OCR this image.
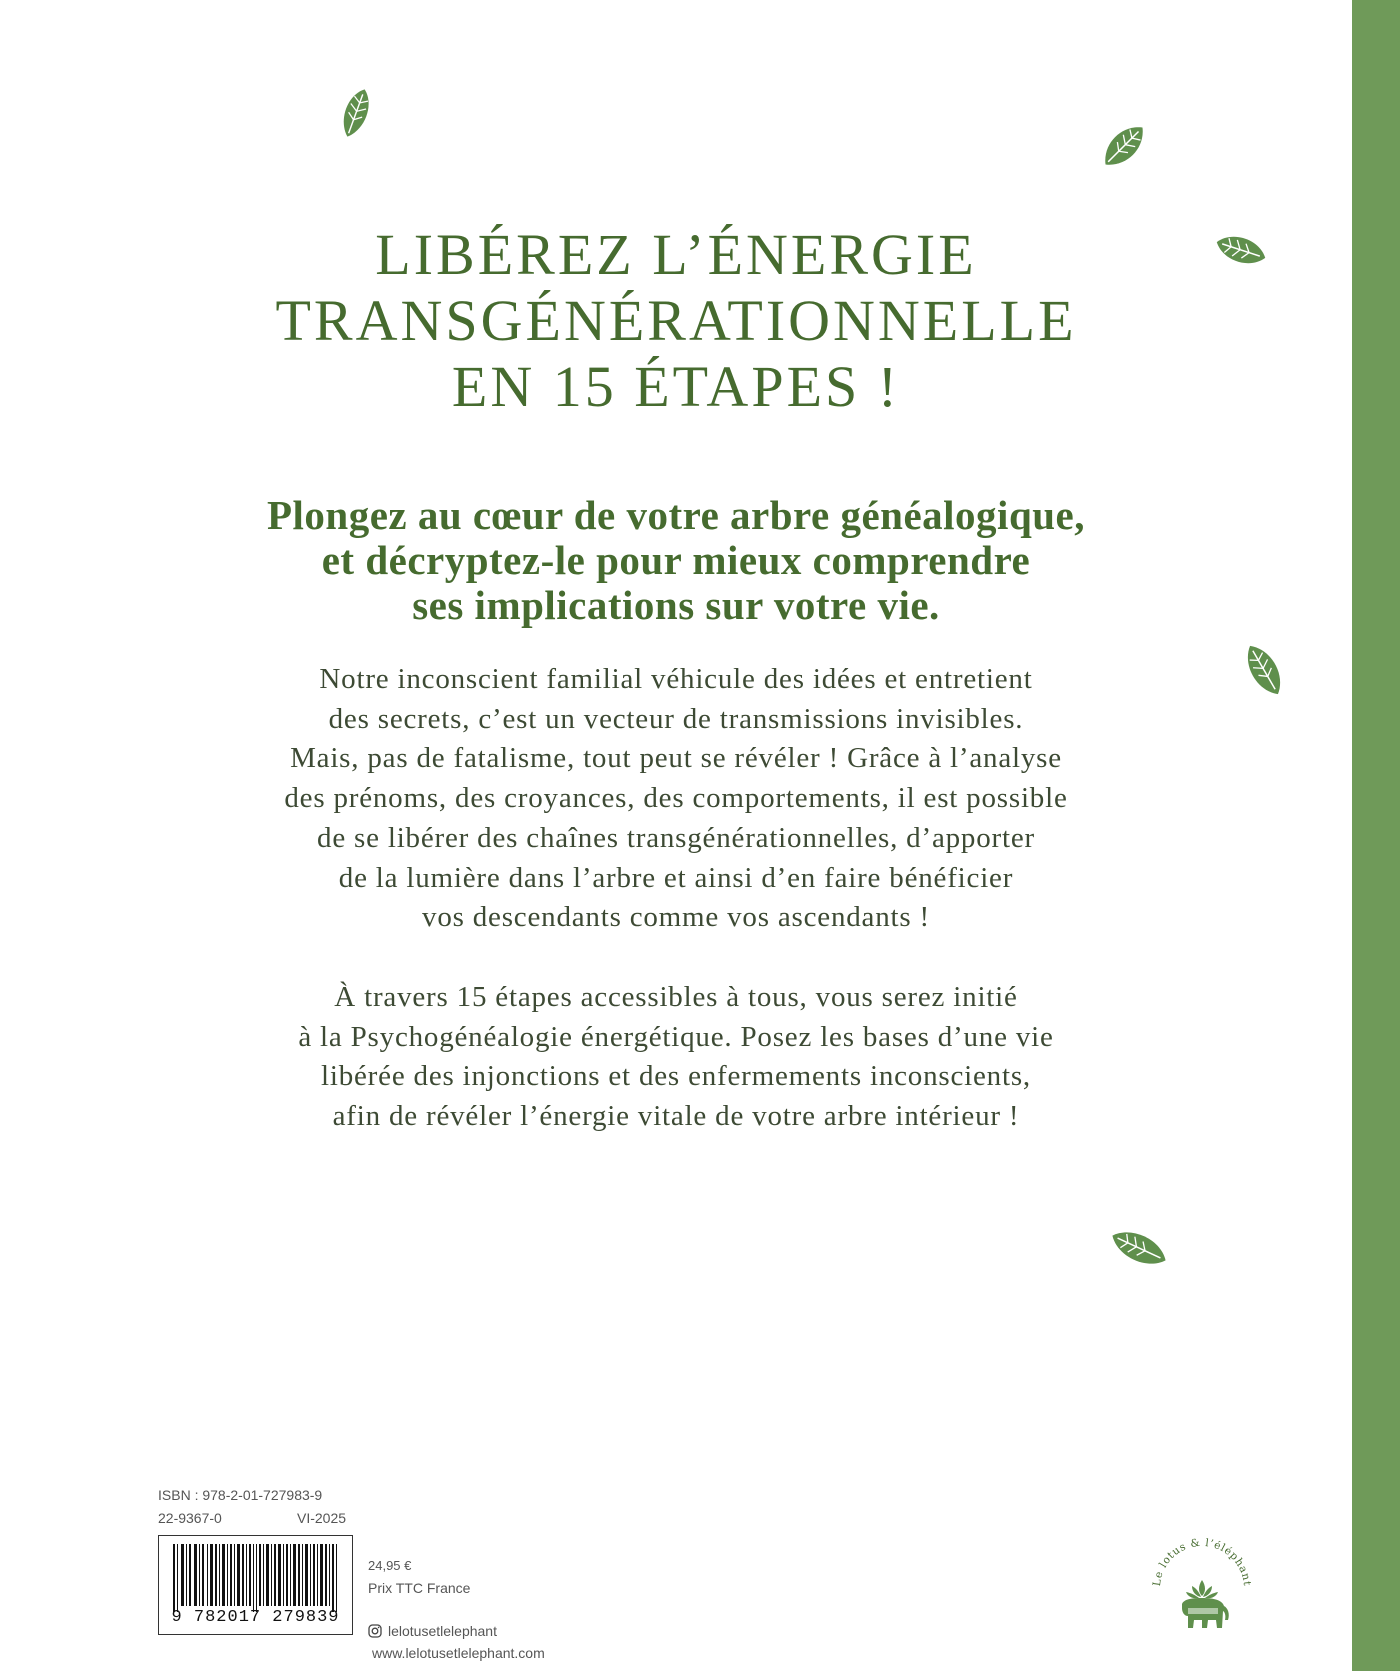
LIBÉREZ L’ÉNERGIE
TRANSGÉNÉRATIONNELLE
EN 15 ÉTAPES !
Plongez au cœur de votre arbre généalogique,
et décryptez-le pour mieux comprendre
ses implications sur votre vie.
Notre inconscient familial véhicule des idées et entretient
des secrets, c’est un vecteur de transmissions invisibles.
Mais, pas de fatalisme, tout peut se révéler ! Grâce à l’analyse
des prénoms, des croyances, des comportements, il est possible
de se libérer des chaînes transgénérationnelles, d’apporter
de la lumière dans l’arbre et ainsi d’en faire bénéficier
vos descendants comme vos ascendants !
À travers 15 étapes accessibles à tous, vous serez initié
à la Psychogénéalogie énergétique. Posez les bases d’une vie
libérée des injonctions et des enfermements inconscients,
afin de révéler l’énergie vitale de votre arbre intérieur !
ISBN : 978-2-01-727983-9
22-9367-0	VI-2025
9 782017 279839
24,95 €
Prix TTC France
lelotusetlelephant
www.lelotusetlelephant.com
Le lotus & l’éléphant
